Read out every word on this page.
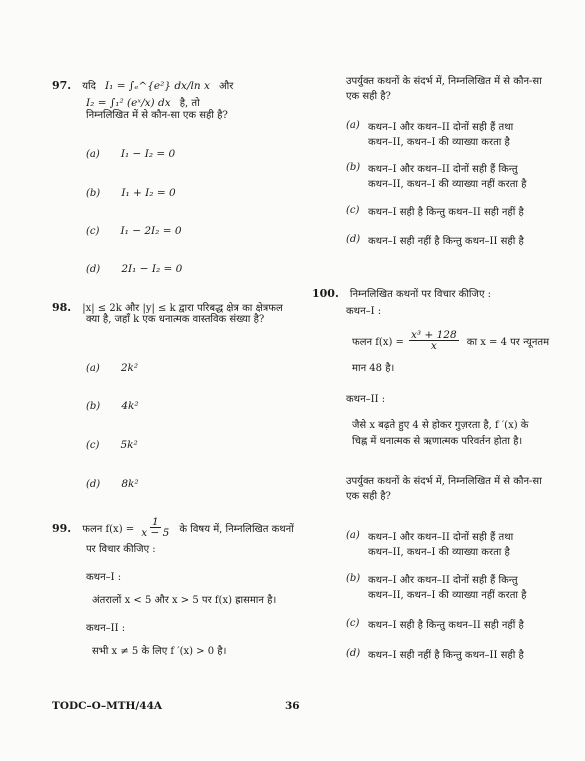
97. यदि I₁ = ∫ₑ^{e²} dx/ln x और
I₂ = ∫₁² (eˣ/x) dx है, तो
निम्नलिखित में से कौन-सा एक सही है?
(a) I₁ − I₂ = 0
(b) I₁ + I₂ = 0
(c) I₁ − 2I₂ = 0
(d) 2I₁ − I₂ = 0
98. |x| ≤ 2k और |y| ≤ k द्वारा परिबद्ध क्षेत्र का क्षेत्रफल
क्या है, जहाँ k एक धनात्मक वास्तविक संख्या है?
(a) 2k²
(b) 4k²
(c) 5k²
(d) 8k²
99. फलन $f(x) = \frac{1}{x - 5}$ के विषय में, निम्नलिखित कथनों
पर विचार कीजिए :
कथन–I :
अंतरालों x < 5 और x > 5 पर f(x) ह्रासमान है।
कथन–II :
सभी x ≠ 5 के लिए f ′(x) > 0 है।
उपर्युक्त कथनों के संदर्भ में, निम्नलिखित में से कौन-सा
एक सही है?
(a) कथन–I और कथन–II दोनों सही हैं तथा
कथन–II, कथन–I की व्याख्या करता है
(b) कथन–I और कथन–II दोनों सही हैं किन्तु
कथन–II, कथन–I की व्याख्या नहीं करता है
(c) कथन–I सही है किन्तु कथन–II सही नहीं है
(d) कथन–I सही नहीं है किन्तु कथन–II सही है
100. निम्नलिखित कथनों पर विचार कीजिए :
कथन–I :
फलन $f(x) = \frac{\text{x³ + 128}}{x}$ का x = 4 पर न्यूनतम
मान 48 है।
कथन–II :
जैसे x बढ़ते हुए 4 से होकर गुज़रता है, f ′(x) के
चिह्न में धनात्मक से ऋणात्मक परिवर्तन होता है।
उपर्युक्त कथनों के संदर्भ में, निम्नलिखित में से कौन-सा
एक सही है?
(a) कथन–I और कथन–II दोनों सही हैं तथा
कथन–II, कथन–I की व्याख्या करता है
(b) कथन–I और कथन–II दोनों सही हैं किन्तु
कथन–II, कथन–I की व्याख्या नहीं करता है
(c) कथन–I सही है किन्तु कथन–II सही नहीं है
(d) कथन–I सही नहीं है किन्तु कथन–II सही है
TODC–O–MTH/44A	36
